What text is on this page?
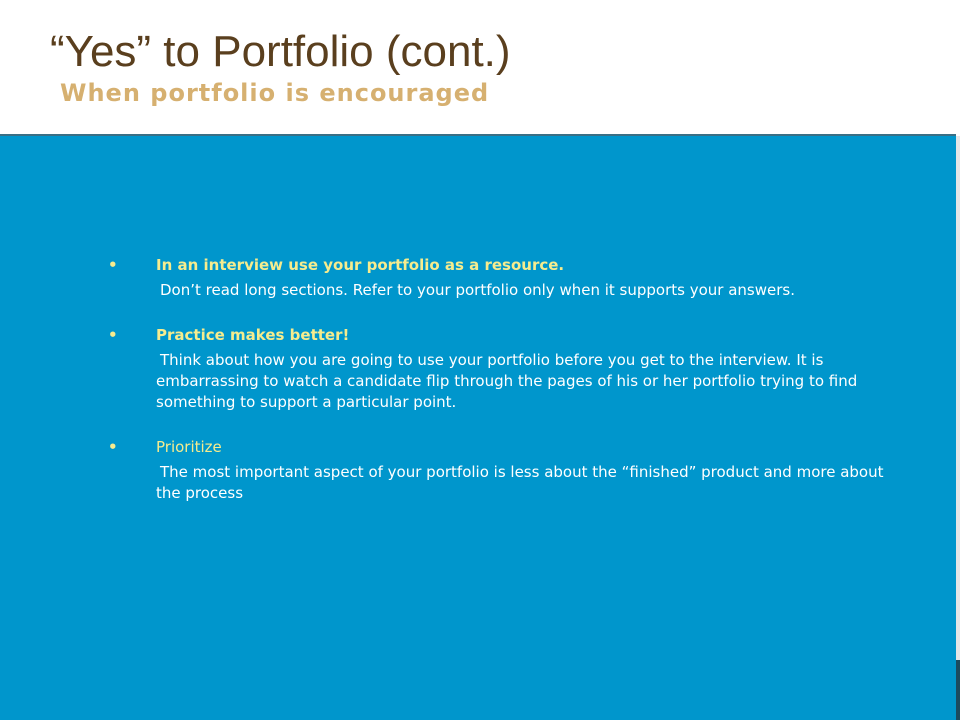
“Yes” to Portfolio (cont.)
When portfolio is encouraged
•	In an interview use your portfolio as a resource.
Don’t read long sections. Refer to your portfolio only when it supports your answers.
•	Practice makes better!
Think about how you are going to use your portfolio before you get to the interview. It is embarrassing to watch a candidate flip through the pages of his or her portfolio trying to find something to support a particular point.
•	Prioritize
The most important aspect of your portfolio is less about the “finished” product and more about the process
